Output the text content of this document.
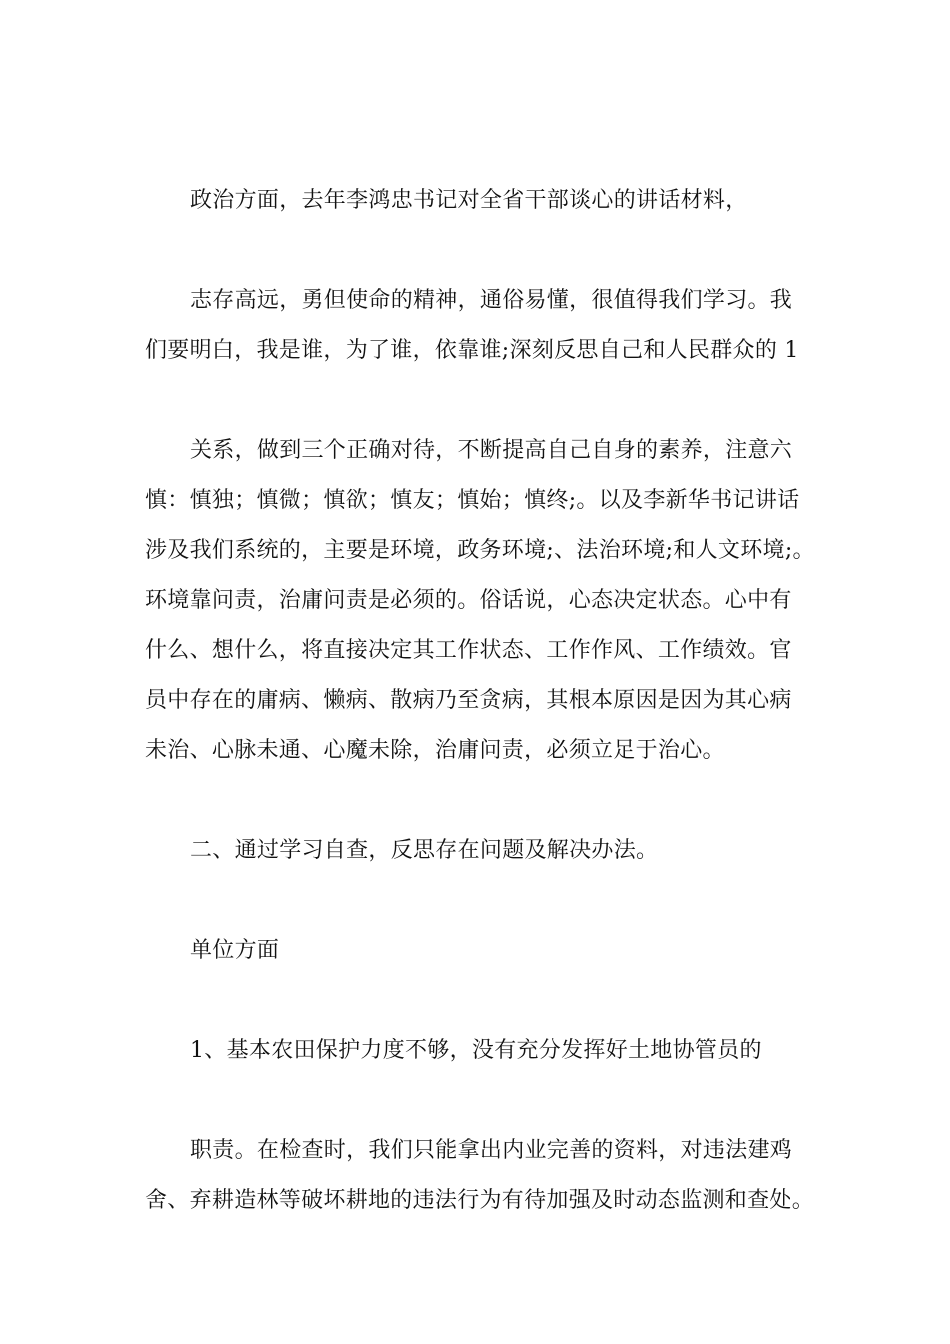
政治方面，去年李鸿忠书记对全省干部谈心的讲话材料，
志存高远，勇但使命的精神，通俗易懂，很值得我们学习。我
们要明白，我是谁，为了谁，依靠谁;深刻反思自己和人民群众的 1
关系，做到三个正确对待，不断提高自己自身的素养，注意六
慎：慎独；慎微；慎欲；慎友；慎始；慎终;。以及李新华书记讲话
涉及我们系统的，主要是环境，政务环境;、法治环境;和人文环境;。
环境靠问责，治庸问责是必须的。俗话说，心态决定状态。心中有
什么、想什么，将直接决定其工作状态、工作作风、工作绩效。官
员中存在的庸病、懒病、散病乃至贪病，其根本原因是因为其心病
未治、心脉未通、心魔未除，治庸问责，必须立足于治心。
二、通过学习自查，反思存在问题及解决办法。
单位方面
1、基本农田保护力度不够，没有充分发挥好土地协管员的
职责。在检查时，我们只能拿出内业完善的资料，对违法建鸡
舍、弃耕造林等破坏耕地的违法行为有待加强及时动态监测和查处。
